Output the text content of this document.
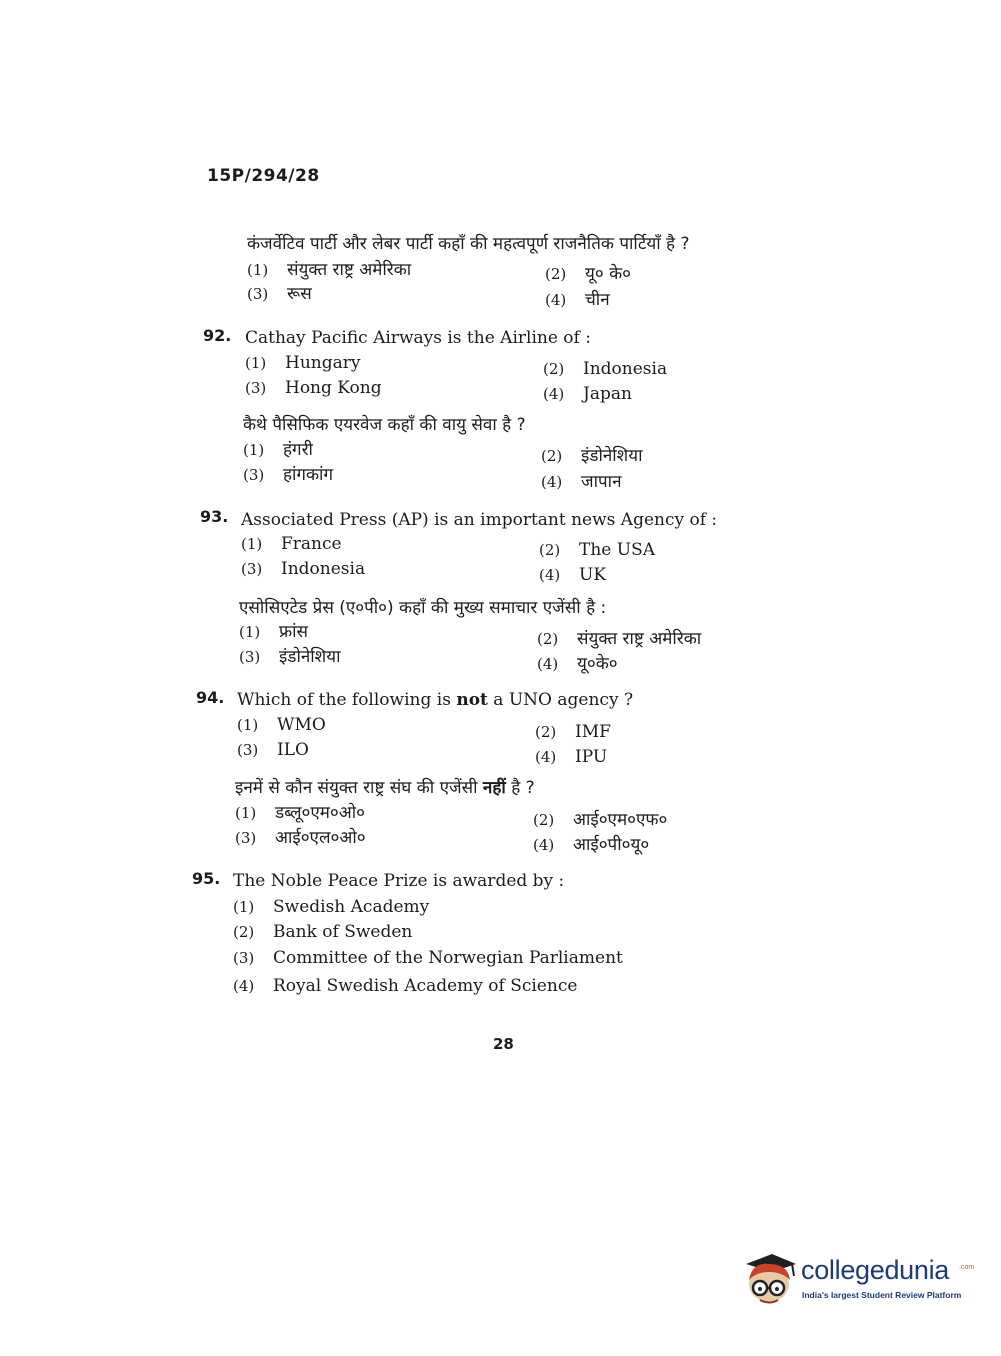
15P/294/28
कंजर्वेटिव पार्टी और लेबर पार्टी कहाँ की महत्वपूर्ण राजनैतिक पार्टियाँ है ?
(1) संयुक्त राष्ट्र अमेरिका	(2) यू० के०
(3) रूस	(4) चीन
92. Cathay Pacific Airways is the Airline of :
(1) Hungary	(2) Indonesia
(3) Hong Kong	(4) Japan
कैथे पैसिफिक एयरवेज कहाँ की वायु सेवा है ?
(1) हंगरी	(2) इंडोनेशिया
(3) हांगकांग	(4) जापान
93. Associated Press (AP) is an important news Agency of :
(1) France	(2) The USA
(3) Indonesia	(4) UK
एसोसिएटेड प्रेस (ए०पी०) कहाँ की मुख्य समाचार एजेंसी है :
(1) फ्रांस	(2) संयुक्त राष्ट्र अमेरिका
(3) इंडोनेशिया	(4) यू०के०
94. Which of the following is not a UNO agency ?
(1) WMO	(2) IMF
(3) ILO	(4) IPU
इनमें से कौन संयुक्त राष्ट्र संघ की एजेंसी नहीं है ?
(1) डब्लू०एम०ओ०	(2) आई०एम०एफ०
(3) आई०एल०ओ०	(4) आई०पी०यू०
95. The Noble Peace Prize is awarded by :
(1) Swedish Academy
(2) Bank of Sweden
(3) Committee of the Norwegian Parliament
(4) Royal Swedish Academy of Science
28
collegedunia .com
India's largest Student Review Platform
